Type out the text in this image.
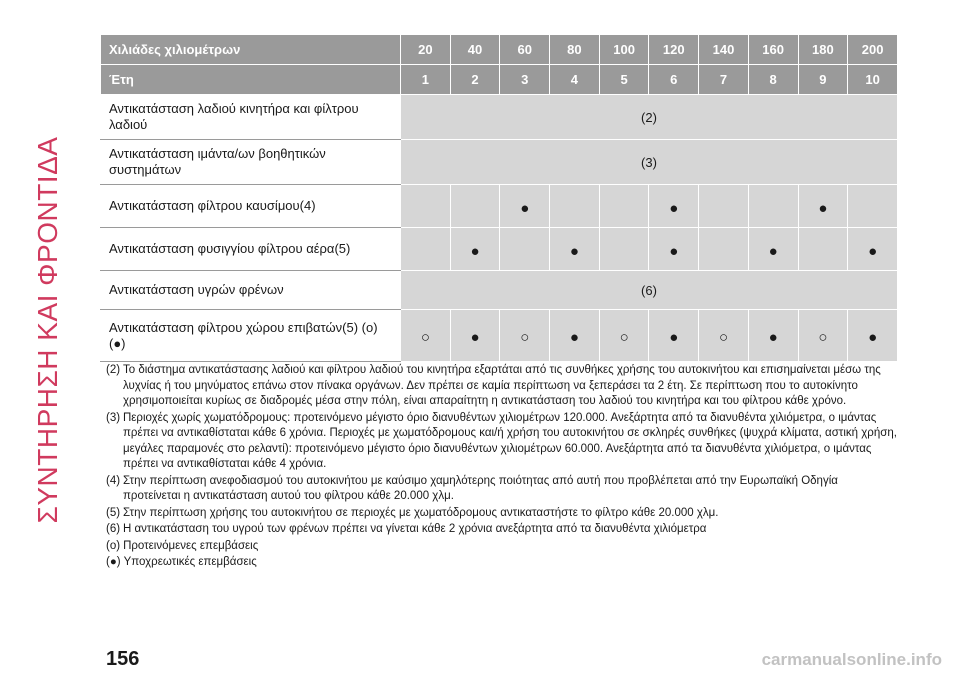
ΣΥΝΤΗΡΗΣΗ ΚΑΙ ΦΡΟΝΤΙΔΑ
Χιλιάδες χιλιομέτρων	20	40	60	80	100	120	140	160	180	200
Έτη	1	2	3	4	5	6	7	8	9	10
Αντικατάσταση λαδιού κινητήρα και φίλτρου λαδιού	(2)									
Αντικατάσταση ιμάντα/ων βοηθητικών συστημάτων	(3)									
Αντικατάσταση φίλτρου καυσίμου(4)			●			●			●	
Αντικατάσταση φυσιγγίου φίλτρου αέρα(5)		●		●		●		●		●
Αντικατάσταση υγρών φρένων	(6)									
Αντικατάσταση φίλτρου χώρου επιβατών(5) (ο) (●)	○	●	○	●	○	●	○	●	○	●
(2) Το διάστημα αντικατάστασης λαδιού και φίλτρου λαδιού του κινητήρα εξαρτάται από τις συνθήκες χρήσης του αυτοκινήτου και επισημαίνεται μέσω της λυχνίας ή του μηνύματος επάνω στον πίνακα οργάνων. Δεν πρέπει σε καμία περίπτωση να ξεπεράσει τα 2 έτη. Σε περίπτωση που το αυτοκίνητο χρησιμοποιείται κυρίως σε διαδρομές μέσα στην πόλη, είναι απαραίτητη η αντικατάσταση του λαδιού του κινητήρα και του φίλτρου κάθε χρόνο.
(3) Περιοχές χωρίς χωματόδρομους: προτεινόμενο μέγιστο όριο διανυθέντων χιλιομέτρων 120.000. Ανεξάρτητα από τα διανυθέντα χιλιόμετρα, ο ιμάντας πρέπει να αντικαθίσταται κάθε 6 χρόνια. Περιοχές με χωματόδρομους και/ή χρήση του αυτοκινήτου σε σκληρές συνθήκες (ψυχρά κλίματα, αστική χρήση, μεγάλες παραμονές στο ρελαντί): προτεινόμενο μέγιστο όριο διανυθέντων χιλιομέτρων 60.000. Ανεξάρτητα από τα διανυθέντα χιλιόμετρα, ο ιμάντας πρέπει να αντικαθίσταται κάθε 4 χρόνια.
(4) Στην περίπτωση ανεφοδιασμού του αυτοκινήτου με καύσιμο χαμηλότερης ποιότητας από αυτή που προβλέπεται από την Ευρωπαϊκή Οδηγία προτείνεται η αντικατάσταση αυτού του φίλτρου κάθε 20.000 χλμ.
(5) Στην περίπτωση χρήσης του αυτοκινήτου σε περιοχές με χωματόδρομους αντικαταστήστε το φίλτρο κάθε 20.000 χλμ.
(6) Η αντικατάσταση του υγρού των φρένων πρέπει να γίνεται κάθε 2 χρόνια ανεξάρτητα από τα διανυθέντα χιλιόμετρα
(ο) Προτεινόμενες επεμβάσεις
(●) Υποχρεωτικές επεμβάσεις
156	carmanualsonline.info
